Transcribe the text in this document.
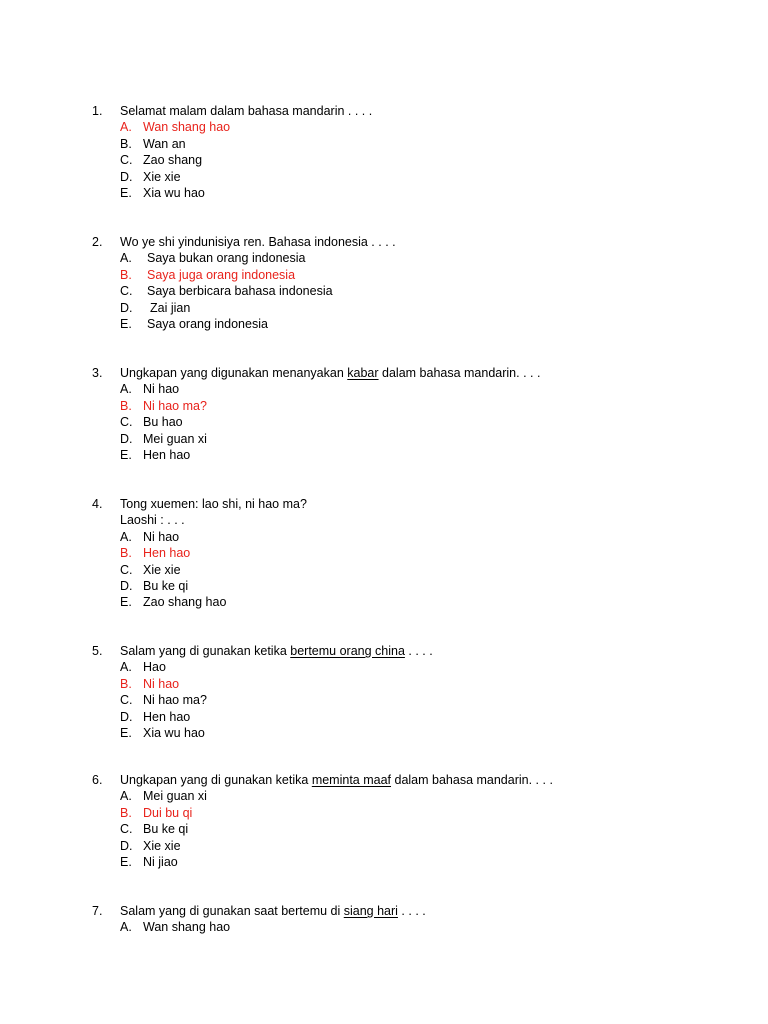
1. Selamat malam dalam bahasa mandarin . . . .
A. Wan shang hao
B. Wan an
C. Zao shang
D. Xie xie
E. Xia wu hao
2. Wo ye shi yindunisiya ren. Bahasa indonesia . . . .
A. Saya bukan orang indonesia
B. Saya juga orang indonesia
C. Saya berbicara bahasa indonesia
D. Zai jian
E. Saya orang indonesia
3. Ungkapan yang digunakan menanyakan kabar dalam bahasa mandarin. . . .
A. Ni hao
B. Ni hao ma?
C. Bu hao
D. Mei guan xi
E. Hen hao
4. Tong xuemen: lao shi, ni hao ma?
Laoshi : . . .
A. Ni hao
B. Hen hao
C. Xie xie
D. Bu ke qi
E. Zao shang hao
5. Salam yang di gunakan ketika bertemu orang china . . . .
A. Hao
B. Ni hao
C. Ni hao ma?
D. Hen hao
E. Xia wu hao
6. Ungkapan yang di gunakan ketika meminta maaf dalam bahasa mandarin. . . .
A. Mei guan xi
B. Dui bu qi
C. Bu ke qi
D. Xie xie
E. Ni jiao
7. Salam yang di gunakan saat bertemu di siang hari . . . .
A. Wan shang hao
